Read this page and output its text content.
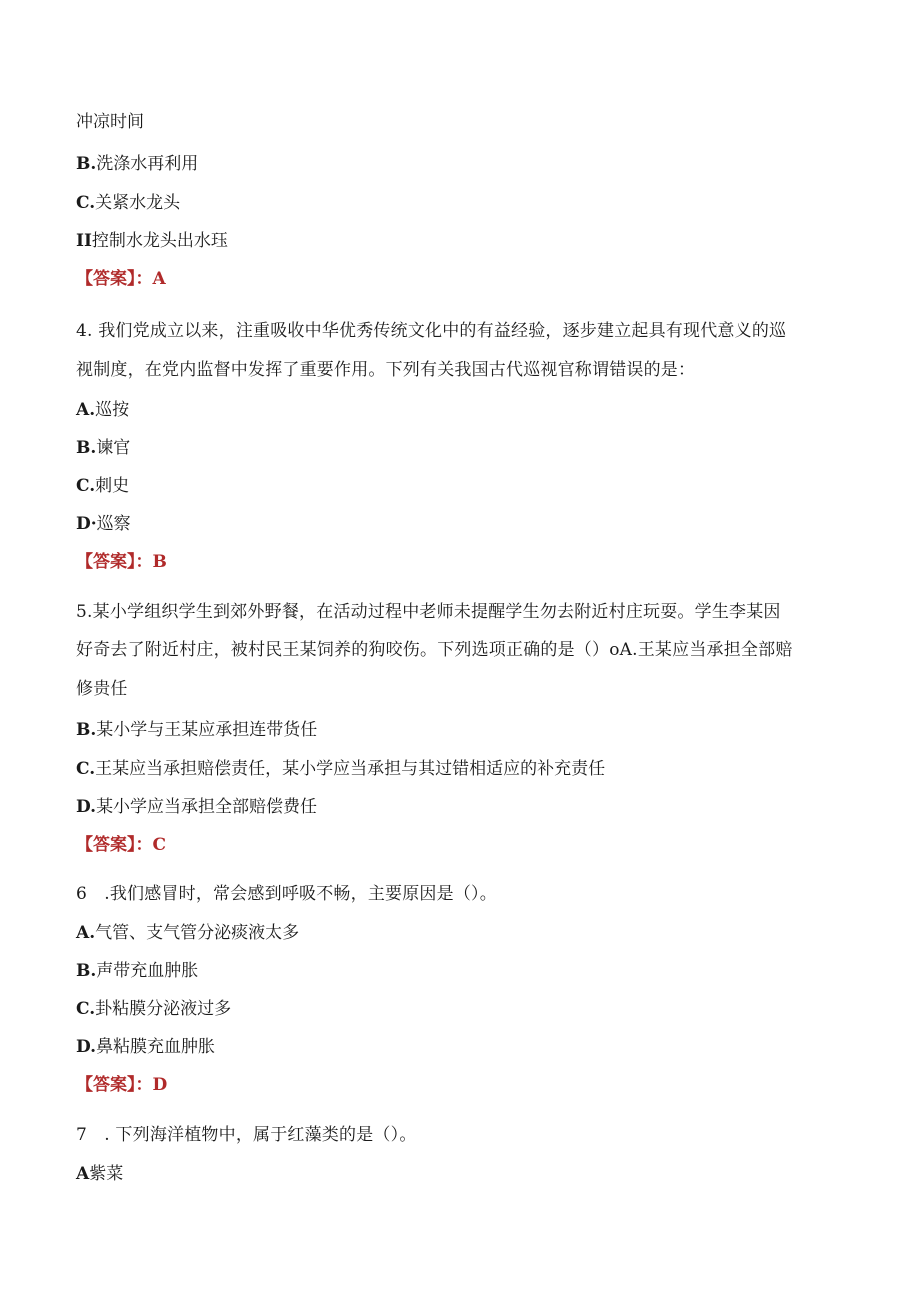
冲凉时间
B.洗涤水再利用
C.关紧水龙头
II控制水龙头出水珏
【答案】：A
4. 我们党成立以来，注重吸收中华优秀传统文化中的有益经验，逐步建立起具有现代意义的巡
视制度，在党内监督中发挥了重要作用。下列有关我国古代巡视官称谓错误的是：
A.巡按
B.谏官
C.刺史
D·巡察
【答案】：B
5.某小学组织学生到郊外野餐，在活动过程中老师未提醒学生勿去附近村庄玩耍。学生李某因
好奇去了附近村庄，被村民王某饲养的狗咬伤。下列选项正确的是（）oA.王某应当承担全部赔
修贵任
B.某小学与王某应承担连带货任
C.王某应当承担赔偿责任，某小学应当承担与其过错相适应的补充责任
D.某小学应当承担全部赔偿费任
【答案】：C
6　.我们感冒时，常会感到呼吸不畅，主要原因是（）。
A.气管、支气管分泌痰液太多
B.声带充血肿胀
C.卦粘膜分泌液过多
D.鼻粘膜充血肿胀
【答案】：D
7　. 下列海洋植物中，属于红藻类的是（）。
A紫菜
